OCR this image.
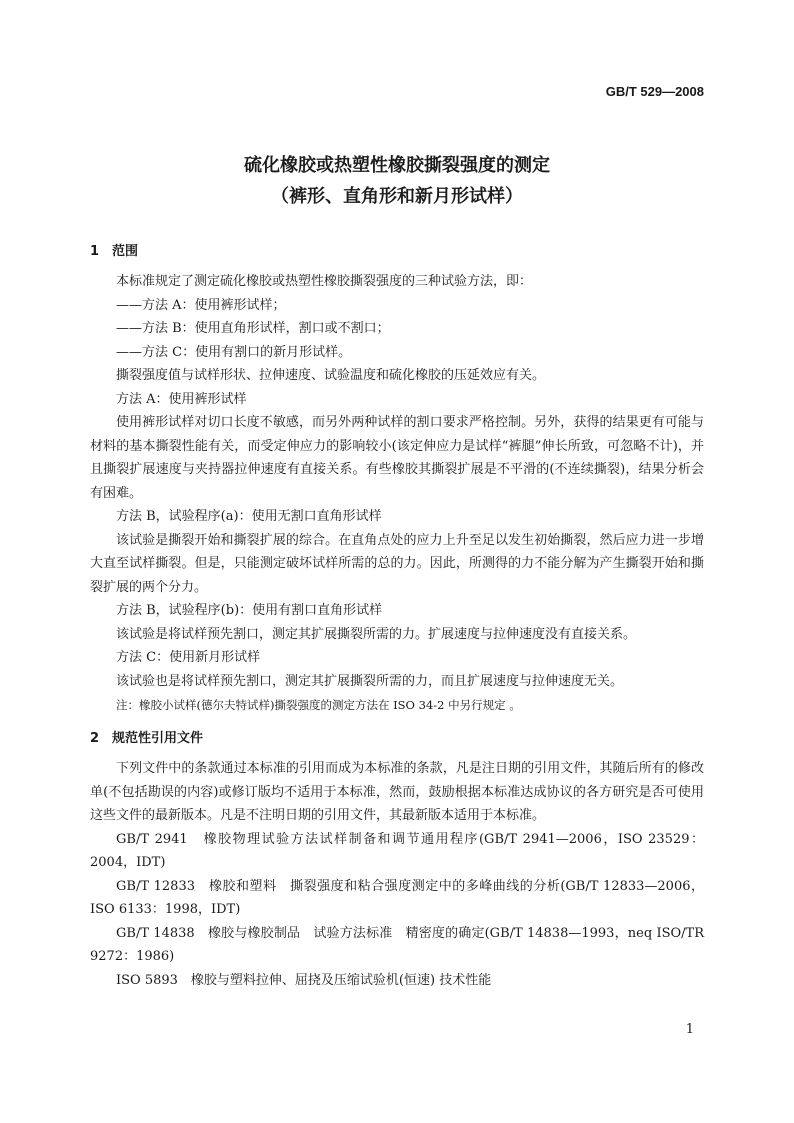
GB/T 529—2008
硫化橡胶或热塑性橡胶撕裂强度的测定
（裤形、直角形和新月形试样）
1 范围

本标准规定了测定硫化橡胶或热塑性橡胶撕裂强度的三种试验方法，即：

——方法 A：使用裤形试样；

——方法 B：使用直角形试样，割口或不割口；

——方法 C：使用有割口的新月形试样。

撕裂强度值与试样形状、拉伸速度、试验温度和硫化橡胶的压延效应有关。

方法 A：使用裤形试样

使用裤形试样对切口长度不敏感，而另外两种试样的割口要求严格控制。另外，获得的结果更有可能与材料的基本撕裂性能有关，而受定伸应力的影响较小(该定伸应力是试样“裤腿”伸长所致，可忽略不计)，并且撕裂扩展速度与夹持器拉伸速度有直接关系。有些橡胶其撕裂扩展是不平滑的(不连续撕裂)，结果分析会有困难。

方法 B，试验程序(a)：使用无割口直角形试样

该试验是撕裂开始和撕裂扩展的综合。在直角点处的应力上升至足以发生初始撕裂，然后应力进一步增大直至试样撕裂。但是，只能测定破坏试样所需的总的力。因此，所测得的力不能分解为产生撕裂开始和撕裂扩展的两个分力。

方法 B，试验程序(b)：使用有割口直角形试样

该试验是将试样预先割口，测定其扩展撕裂所需的力。扩展速度与拉伸速度没有直接关系。

方法 C：使用新月形试样

该试验也是将试样预先割口，测定其扩展撕裂所需的力，而且扩展速度与拉伸速度无关。

注：橡胶小试样(德尔夫特试样)撕裂强度的测定方法在 ISO 34-2 中另行规定 。

2 规范性引用文件

下列文件中的条款通过本标准的引用而成为本标准的条款，凡是注日期的引用文件，其随后所有的修改单(不包括勘误的内容)或修订版均不适用于本标准，然而，鼓励根据本标准达成协议的各方研究是否可使用这些文件的最新版本。凡是不注明日期的引用文件，其最新版本适用于本标准。

GB/T 2941　橡胶物理试验方法试样制备和调节通用程序(GB/T 2941—2006，ISO 23529：2004，IDT)

GB/T 12833　橡胶和塑料　撕裂强度和粘合强度测定中的多峰曲线的分析(GB/T 12833—2006，ISO 6133：1998，IDT)

GB/T 14838　橡胶与橡胶制品　试验方法标准　精密度的确定(GB/T 14838—1993，neq ISO/TR 9272：1986)

ISO 5893　橡胶与塑料拉伸、屈挠及压缩试验机(恒速) 技术性能

1
